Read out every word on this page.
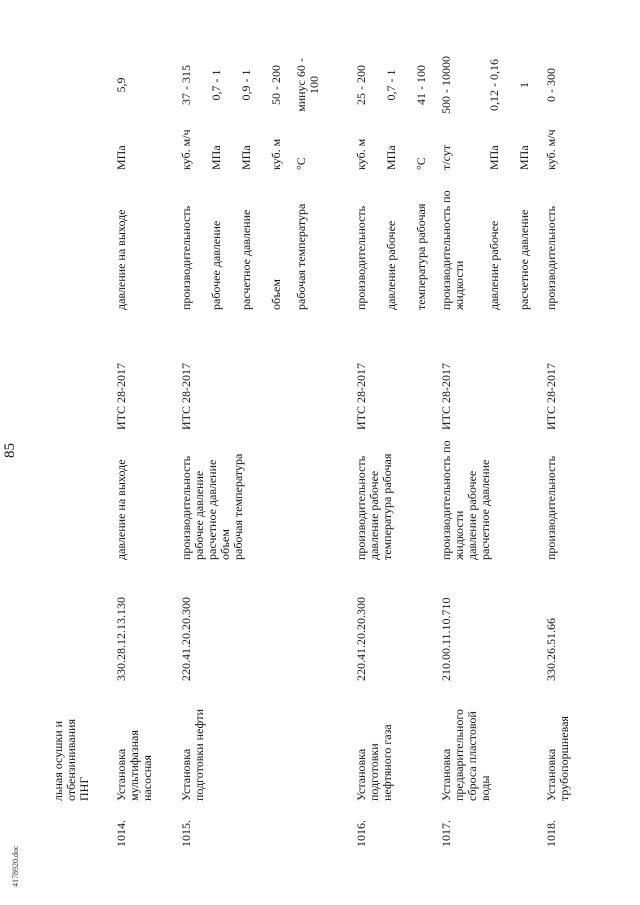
85
4178920.doc
льная осушки и отбензинивания ПНГ
1014.
Установка мультифазная насосная
330.28.12.13.130
давление на выходе
ИТС 28-2017
давление на выходе
МПа
5,9
1015.
Установка подготовки нефти
220.41.20.20.300
производительность
рабочее давление
расчетное давление
объем
рабочая температура
ИТС 28-2017
производительность
куб. м/ч
37 - 315
рабочее давление
МПа
0,7 - 1
расчетное давление
МПа
0,9 - 1
объем
куб. м
50 - 200
рабочая температура
°С
минус 60 - 100
1016.
Установка подготовки нефтяного газа
220.41.20.20.300
производительность
давление рабочее
температура рабочая
ИТС 28-2017
производительность
куб. м
25 - 200
давление рабочее
МПа
0,7 - 1
температура рабочая
°С
41 - 100
1017.
Установка предварительного сброса пластовой воды
210.00.11.10.710
производительность по жидкости
давление рабочее
расчетное давление
ИТС 28-2017
производительность по жидкости
т/сут
500 - 10000
давление рабочее
МПа
0,12 - 0,16
расчетное давление
МПа
1
1018.
Установка трубопоршневая
330.26.51.66
производительность
ИТС 28-2017
производительность
куб. м/ч
0 - 300
